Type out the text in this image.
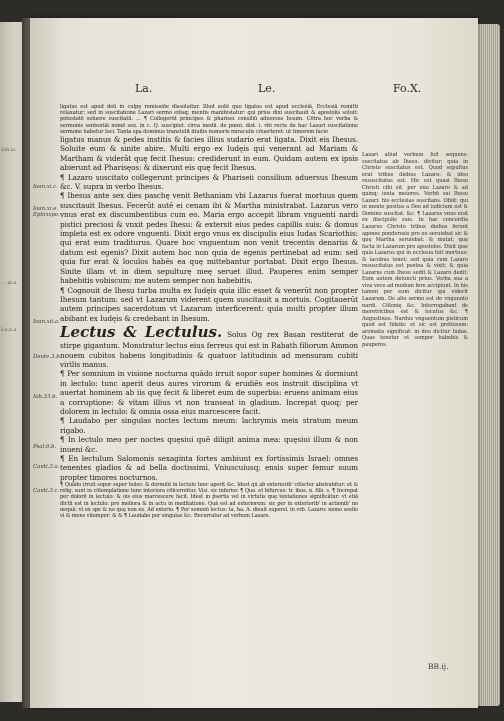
Ioh.xi.
... xi.a.
Lu.x.a.
La.	Le.	Fo.X.
Ioan.xi.c.
Ioan.xi.e. Eplicispo.
Ioan.xii.a.
Deute.3.b.
Iob.33.b.
Psal.6.b.
Canti.3.a.
Canti.3.c.

ligatus est apud deū in culpę remissiōe dissoluitur. Illud autē quo ligatus est apud eccleśiā, Ecclesiā remitti relaxatur: sed in suscitatione Lazari sermo eiūsq; mentis manifestatur: qui prius dixi suscitauit & apostolis soluit: potestatē soluere suscitatū. ... ¶ Collegerūt principes & pharisei consiliū aduersus Iesum. Cōtra hoc verba & sermonis sententiā nomē sex. in c. Q. suscipiet. circa medii. de pœni. dist. i. vbi recte de hac Lazari suscitatione sermone habetur loci. Tanta spa dominus transtulit diuitis numeris miraculis cōuerteret: ut timorem facie

ligatus manus & pedes institis & facies illius sudario erat ligata. Dixit eis Ihesus. Soluite eum & sinite abire. Multi ergo ex Iudęis qui venerant ad Mariam & Martham & viderāt quę fecit Ihesus: crediderunt in eum. Quidam autem ex ipsis abierunt ad Pharisęos: & dixerunt eis quę fecit Ihesus.

¶ Lazaro suscitato collegerunt principes & Phariseii consilium aduersus Ihesum &c. V. supra in verbo Ihesus.

¶ Ihesus ante sex dies paschę venit Bethaniam vbi Lazarus fuerat mortuus quem suscitauit Ihesus. Fecerūt autē ei cenam ibi & Martha ministrabat. Lazarus vero vnus erat ex discumbentibus cum eo. Maria ergo accepit libram vnguenti nardi pistici preciosi & vnxit pedes Ihesu: & extersit eius pedes capillis suis: & domus impleta est ex odore vnguenti. Dixit ergo vnus ex discipulis eius Iudas Scariothis: qui erat eum traditurus. Quare hoc vnguentum non venit trecentis denariis & datum est egenis? Dixit autem hoc non quia de egenis pertinebat ad eum: sed quia fur erat & loculos habēs ea quę mittebantur portabat. Dixit ergo Ihesus. Sinite illam vt in diem sepulturę meę seruet illud. Pauperes enim semper habebitis vobiscum: me autem semper non habebitis.

¶ Cognouit de Ihesu turba multa ex Iudęis quia illic esset & venerūt non propter Ihesum tantum: sed vt Lazarum viderent quem suscitauit a mortuis. Cogitauerūt autem principes sacerdotum vt Lazarum interficerent: quia multi propter illum abibant ex Iudęis & credebant in Ihesum.

Lectus & Lectulus. Solus Og rex Basan restiterat de stirpe gigantum. Monstratur lectus eius ferreus qui est in Rabath filiorum Ammon nouem cubitos habens longitudinis & quatuor latitudinis ad mensuram cubiti virilis manus.

¶ Per somnium in visione nocturna quādo irruit sopor super homines & dormiunt in lectulo: tunc aperit deus aures virorum & erudiēs eos instruit disciplina vt auertat hominem ab iis quę fecit & liberet eum de superbia: eruens animam eius a corruptione: & vitam illius vt non transeat in gladium. Increpat quoq; per dolorem in lectulo: & omnia ossa eius marcescere facit.

¶ Laudabo per singulas noctes lectum meum: lachrymis meis stratum meum rigabo.

¶ In lectulo meo per noctes quęsiui quē diligit anima mea: quęsiui illum & non inueni &c.

¶ En lectulum Salomonis sexaginta fortes ambiunt ex fortissimis Israel: omnes tenentes gladios & ad bella doctissimi. Vniuscuiusq; ensis super femur suum propter timores nocturnos.

¶ Quādo irruit sopor super holes: & dormiūt in lectulo tunc aperit &c. Idest qū ab exteriorib' cōlscter abstrahitur: et & relig. sunt in cōtemplatione tunc interiora cōlcernūtur. Visi. sic inferior. ¶ Quo. et bifurcus: tr. ibus. n. filii. s. ¶ Increpat per dolorē in lectulo: & ois eius marcescere facit. Idest in p̃sertis vel in virtutis quę tentationes significātur: vt etiā dictū est in lectulo: pro meliora & in actu in meditatione. Quā est ad exteriorem: sic per in exteriorib' in actionib' no nequā: vt ex spe & no quę non ex. Ad exterio. ¶ Per somniū lectus: ta, ha. A. dieuit supersl. in vrb. Lazaro: nemo seelio vi & mens vitemper: & & ¶ Laudabo per singulas &c. Recurratur ad verbum Lazare.

Lazari aliud verbum fuit sequens: suscitatus ab Ihesu. dicitur: quia in Christo suscitatus est. Quod sepultus erat tribus diebus Lazaro: & ideo resuscitatus est. Hic est quasi Ihesu Christi cibi sit. per ouo Lazaro & ad quinq; iuxta meiores. Verbū sui Ihesu Lazari: his ecclesias suscitans. Obiit: qui in mente positus a Deo ad iudicium est & Domino suscitat. &c. ¶ Lazarus vnus erat ex discipulis suis. In hac concordia Lazarus Christo tribus diebus ferunt agones ponderosis pro eo seruiebat sic & quę Martha seruiebat: & mutat: quę facta in Lazarum pro apostolos. Dixit ipse quia Lazarus qui in ecclesia fuit mortuus: & iacobus tenet: sed quia cum Lazaro resuscitatus est postea & vixit: & quia Lazarus cum Ihesu sedit & Lazaro dedit: Eum autem defuncti prius. Verba sua a viva voce ad modum fere accipiunt. In his tamen per eum dicitur qui viderit Lazarum. De alio sermo est de vnguento nardi. Cōlonię &c. Interrogabant de meretricibus est & locutus &c. ¶ Augustinus. Nardus vnguentum pisticum quod est fidelis: et sic est pretiosum: aromatis significat: in deo dicitur Iudas. Quas tenetur et semper habebis & pauperes.
BB.ij.
